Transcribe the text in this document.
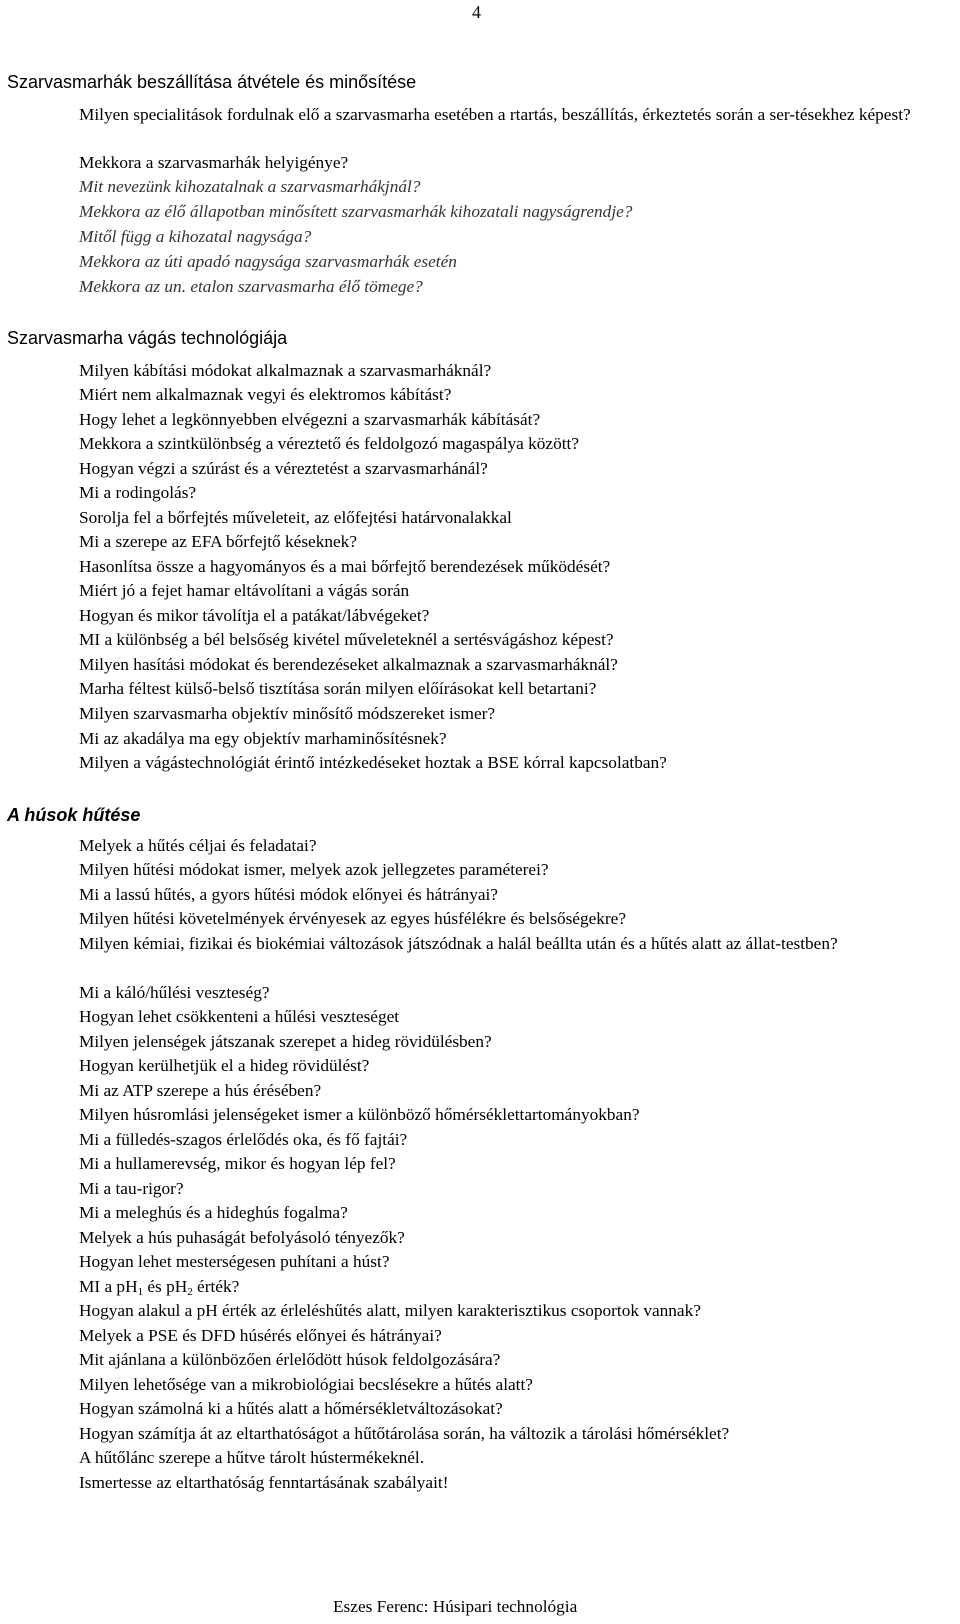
4
Szarvasmarhák beszállítása átvétele és minősítése
Milyen specialitások fordulnak elő a szarvasmarha esetében a rtartás, beszállítás, érkeztetés során a ser-tésekhez képest?
Mekkora a szarvasmarhák helyigénye?
Mit nevezünk kihozatalnak a szarvasmarhákjnál?
Mekkora az élő állapotban minősített szarvasmarhák kihozatali nagyságrendje?
Mitől függ a kihozatal nagysága?
Mekkora az úti apadó nagysága szarvasmarhák esetén
Mekkora az un. etalon szarvasmarha élő tömege?
Szarvasmarha vágás technológiája
Milyen kábítási módokat alkalmaznak a szarvasmarháknál?
Miért nem alkalmaznak vegyi és elektromos kábítást?
Hogy lehet a legkönnyebben elvégezni a szarvasmarhák kábítását?
Mekkora a szintkülönbség a véreztető és feldolgozó magaspálya között?
Hogyan végzi a szúrást és a véreztetést a szarvasmarhánál?
Mi a rodingolás?
Sorolja fel a bőrfejtés műveleteit, az előfejtési határvonalakkal
Mi a szerepe az EFA bőrfejtő késeknek?
Hasonlítsa össze a hagyományos és a mai bőrfejtő berendezések működését?
Miért jó a fejet hamar eltávolítani a vágás során
Hogyan és mikor távolítja el a patákat/lábvégeket?
MI a különbség a bél belsőség kivétel műveleteknél a sertésvágáshoz képest?
Milyen hasítási módokat és berendezéseket alkalmaznak a szarvasmarháknál?
Marha féltest külső-belső tisztítása során milyen előírásokat kell betartani?
Milyen szarvasmarha objektív minősítő módszereket ismer?
Mi az akadálya ma egy objektív marhaminősítésnek?
Milyen a vágástechnológiát érintő intézkedéseket hoztak a BSE kórral kapcsolatban?
A húsok hűtése
Melyek a hűtés céljai és feladatai?
Milyen hűtési módokat ismer, melyek azok jellegzetes paraméterei?
Mi a lassú hűtés, a gyors hűtési módok előnyei és hátrányai?
Milyen hűtési követelmények érvényesek az egyes húsfélékre és belsőségekre?
Milyen kémiai, fizikai és biokémiai változások játszódnak a halál beállta után és a hűtés alatt az állat-testben?
Mi a káló/hűlési veszteség?
Hogyan lehet csökkenteni a hűlési veszteséget
Milyen jelenségek játszanak szerepet a hideg rövidülésben?
Hogyan kerülhetjük el a hideg rövidülést?
Mi az ATP szerepe a hús érésében?
Milyen húsromlási jelenségeket ismer a különböző hőmérséklettartományokban?
Mi a fülledés-szagos érlelődés oka, és fő fajtái?
Mi a hullamerevség, mikor és hogyan lép fel?
Mi a tau-rigor?
Mi a meleghús és a hideghús fogalma?
Melyek a hús puhaságát befolyásoló tényezők?
Hogyan lehet mesterségesen puhítani a húst?
MI a $pH_1$ és $pH_2$ érték?
Hogyan alakul a pH érték az érleléshűtés alatt, milyen karakterisztikus csoportok vannak?
Melyek a PSE és DFD húsérés előnyei és hátrányai?
Mit ajánlana a különbözően érlelődött húsok feldolgozására?
Milyen lehetősége van a mikrobiológiai becslésekre a hűtés alatt?
Hogyan számolná ki a hűtés alatt a hőmérsékletváltozásokat?
Hogyan számítja át az eltarthatóságot a hűtőtárolása során, ha változik a tárolási hőmérséklet?
A hűtőlánc szerepe a hűtve tárolt hústermékeknél.
Ismertesse az eltarthatóság fenntartásának szabályait!
Eszes Ferenc: Húsipari technológia
